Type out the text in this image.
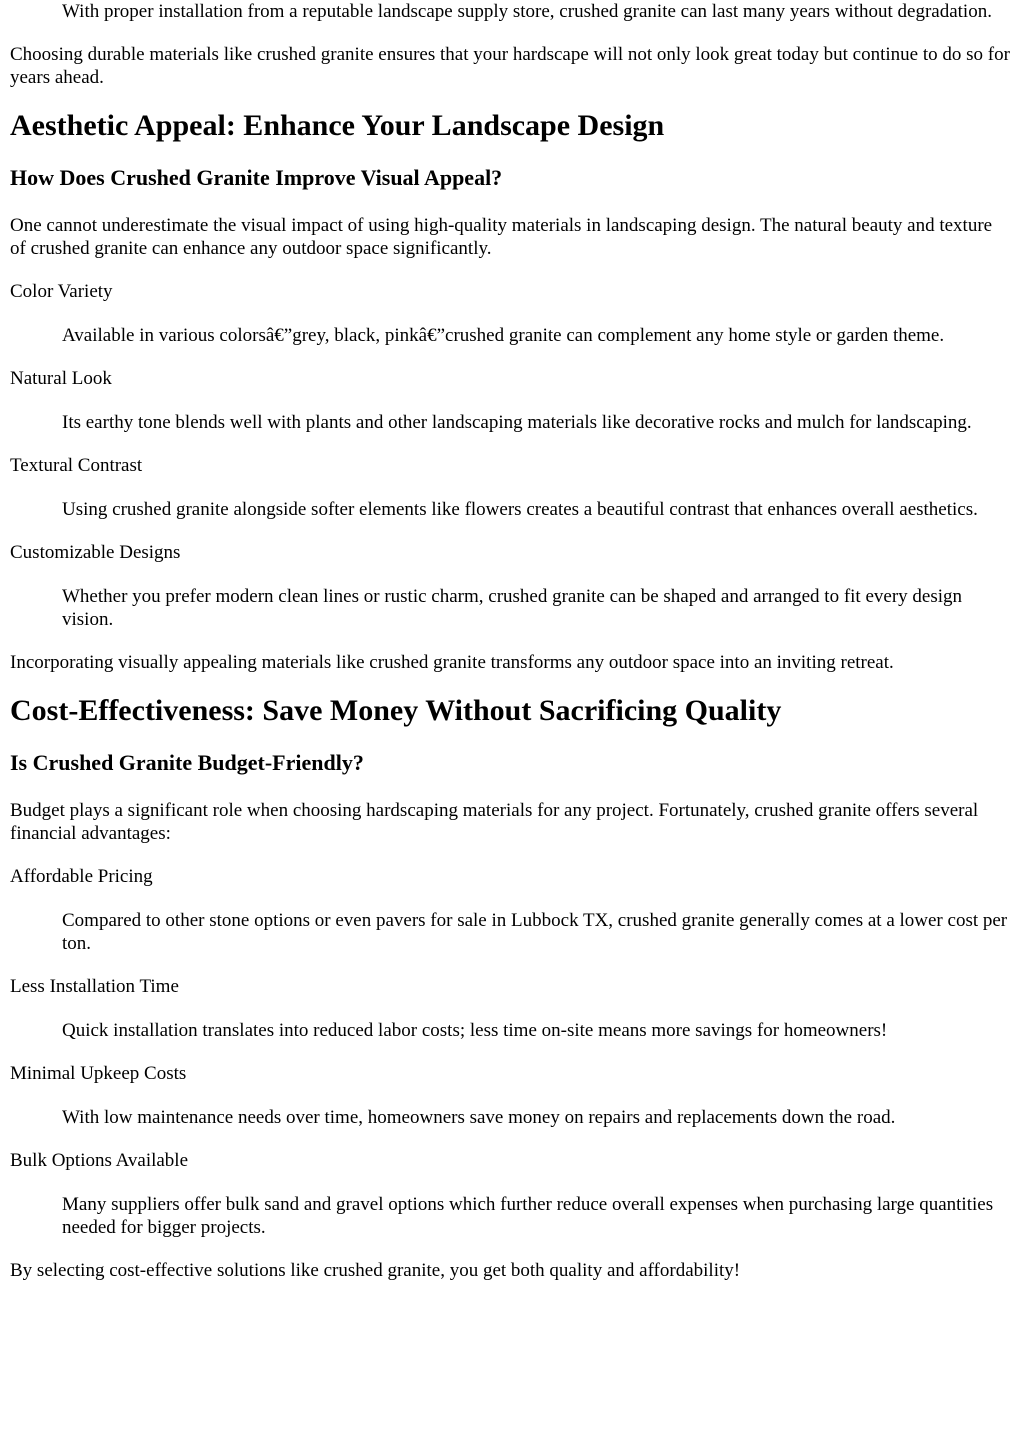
With proper installation from a reputable landscape supply store, crushed granite can last many years without degradation.

Choosing durable materials like crushed granite ensures that your hardscape will not only look great today but continue to do so for years ahead.

Aesthetic Appeal: Enhance Your Landscape Design
How Does Crushed Granite Improve Visual Appeal?

One cannot underestimate the visual impact of using high-quality materials in landscaping design. The natural beauty and texture of crushed granite can enhance any outdoor space significantly.

Color Variety

Available in various colorsâ€”grey, black, pinkâ€”crushed granite can complement any home style or garden theme.

Natural Look

Its earthy tone blends well with plants and other landscaping materials like decorative rocks and mulch for landscaping.

Textural Contrast

Using crushed granite alongside softer elements like flowers creates a beautiful contrast that enhances overall aesthetics.

Customizable Designs

Whether you prefer modern clean lines or rustic charm, crushed granite can be shaped and arranged to fit every design vision.

Incorporating visually appealing materials like crushed granite transforms any outdoor space into an inviting retreat.

Cost-Effectiveness: Save Money Without Sacrificing Quality
Is Crushed Granite Budget-Friendly?

Budget plays a significant role when choosing hardscaping materials for any project. Fortunately, crushed granite offers several financial advantages:

Affordable Pricing

Compared to other stone options or even pavers for sale in Lubbock TX, crushed granite generally comes at a lower cost per ton.

Less Installation Time

Quick installation translates into reduced labor costs; less time on-site means more savings for homeowners!

Minimal Upkeep Costs

With low maintenance needs over time, homeowners save money on repairs and replacements down the road.

Bulk Options Available

Many suppliers offer bulk sand and gravel options which further reduce overall expenses when purchasing large quantities needed for bigger projects.

By selecting cost-effective solutions like crushed granite, you get both quality and affordability!
